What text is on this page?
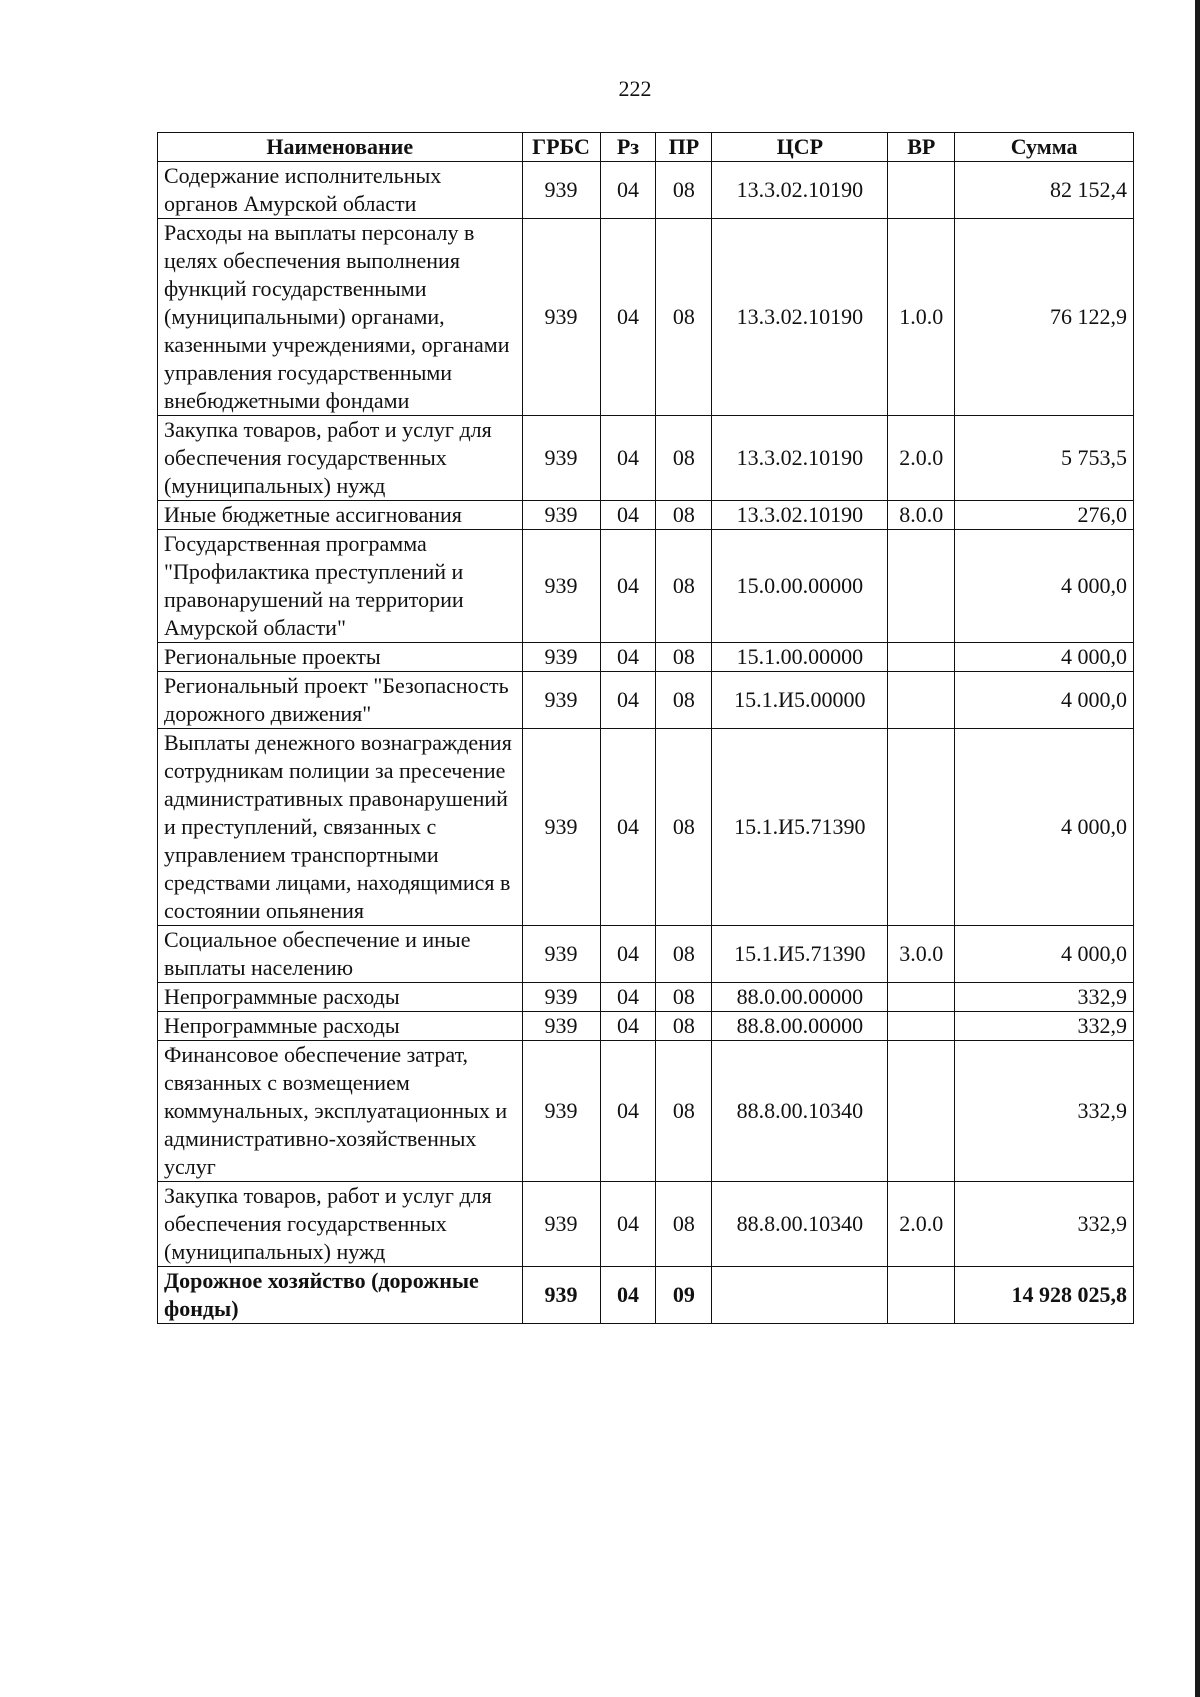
222
Наименование	ГРБС	Рз	ПР	ЦСР	ВР	Сумма
Содержание исполнительных органов Амурской области	939	04	08	13.3.02.10190		82 152,4
Расходы на выплаты персоналу в целях обеспечения выполнения функций государственными (муниципальными) органами, казенными учреждениями, органами управления государственными внебюджетными фондами	939	04	08	13.3.02.10190	1.0.0	76 122,9
Закупка товаров, работ и услуг для обеспечения государственных (муниципальных) нужд	939	04	08	13.3.02.10190	2.0.0	5 753,5
Иные бюджетные ассигнования	939	04	08	13.3.02.10190	8.0.0	276,0
Государственная программа "Профилактика преступлений и правонарушений на территории Амурской области"	939	04	08	15.0.00.00000		4 000,0
Региональные проекты	939	04	08	15.1.00.00000		4 000,0
Региональный проект "Безопасность дорожного движения"	939	04	08	15.1.И5.00000		4 000,0
Выплаты денежного вознаграждения сотрудникам полиции за пресечение административных правонарушений и преступлений, связанных с управлением транспортными средствами лицами, находящимися в состоянии опьянения	939	04	08	15.1.И5.71390		4 000,0
Социальное обеспечение и иные выплаты населению	939	04	08	15.1.И5.71390	3.0.0	4 000,0
Непрограммные расходы	939	04	08	88.0.00.00000		332,9
Непрограммные расходы	939	04	08	88.8.00.00000		332,9
Финансовое обеспечение затрат, связанных с возмещением коммунальных, эксплуатационных и административно-хозяйственных услуг	939	04	08	88.8.00.10340		332,9
Закупка товаров, работ и услуг для обеспечения государственных (муниципальных) нужд	939	04	08	88.8.00.10340	2.0.0	332,9
Дорожное хозяйство (дорожные фонды)	939	04	09			14 928 025,8
